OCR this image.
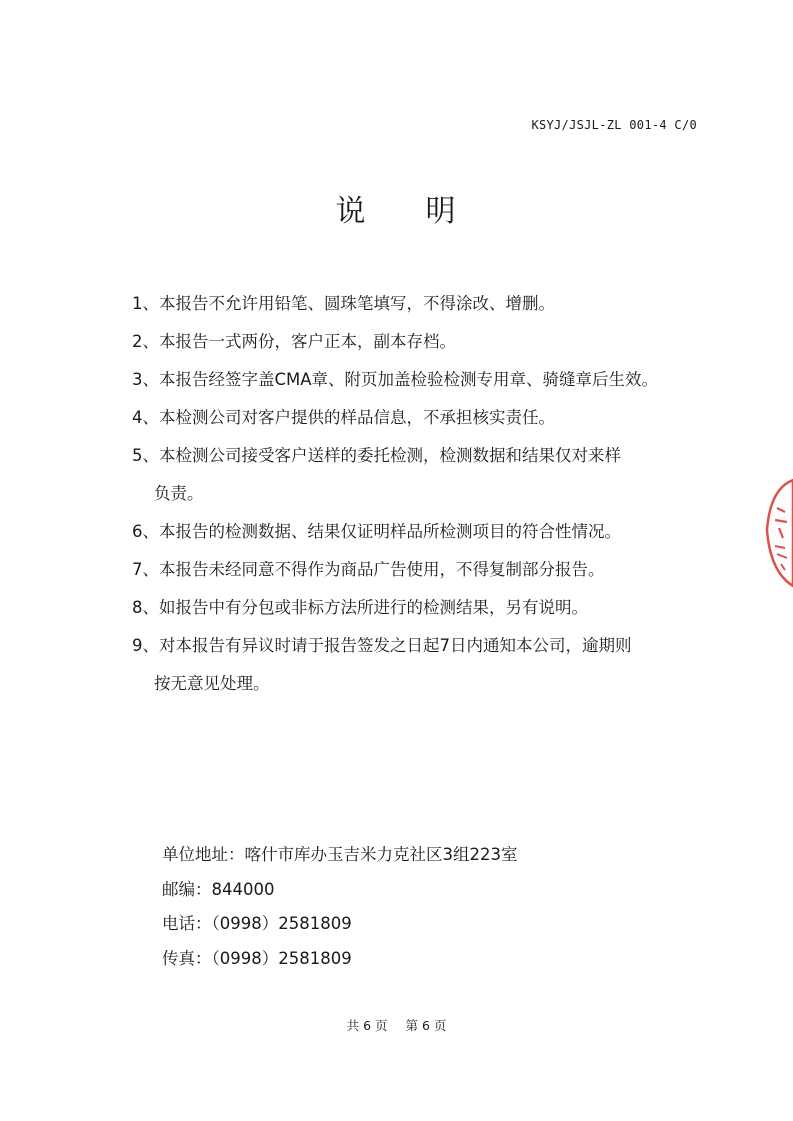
KSYJ/JSJL-ZL 001-4 C/0
说 明
1、本报告不允许用铅笔、圆珠笔填写，不得涂改、增删。
2、本报告一式两份，客户正本，副本存档。
3、本报告经签字盖CMA章、附页加盖检验检测专用章、骑缝章后生效。
4、本检测公司对客户提供的样品信息，不承担核实责任。
5、本检测公司接受客户送样的委托检测，检测数据和结果仅对来样
负责。
6、本报告的检测数据、结果仅证明样品所检测项目的符合性情况。
7、本报告未经同意不得作为商品广告使用，不得复制部分报告。
8、如报告中有分包或非标方法所进行的检测结果，另有说明。
9、对本报告有异议时请于报告签发之日起7日内通知本公司，逾期则
按无意见处理。
单位地址：喀什市库办玉吉米力克社区3组223室
邮编：844000
电话：（0998）2581809
传真：（0998）2581809
共 6 页 第 6 页
